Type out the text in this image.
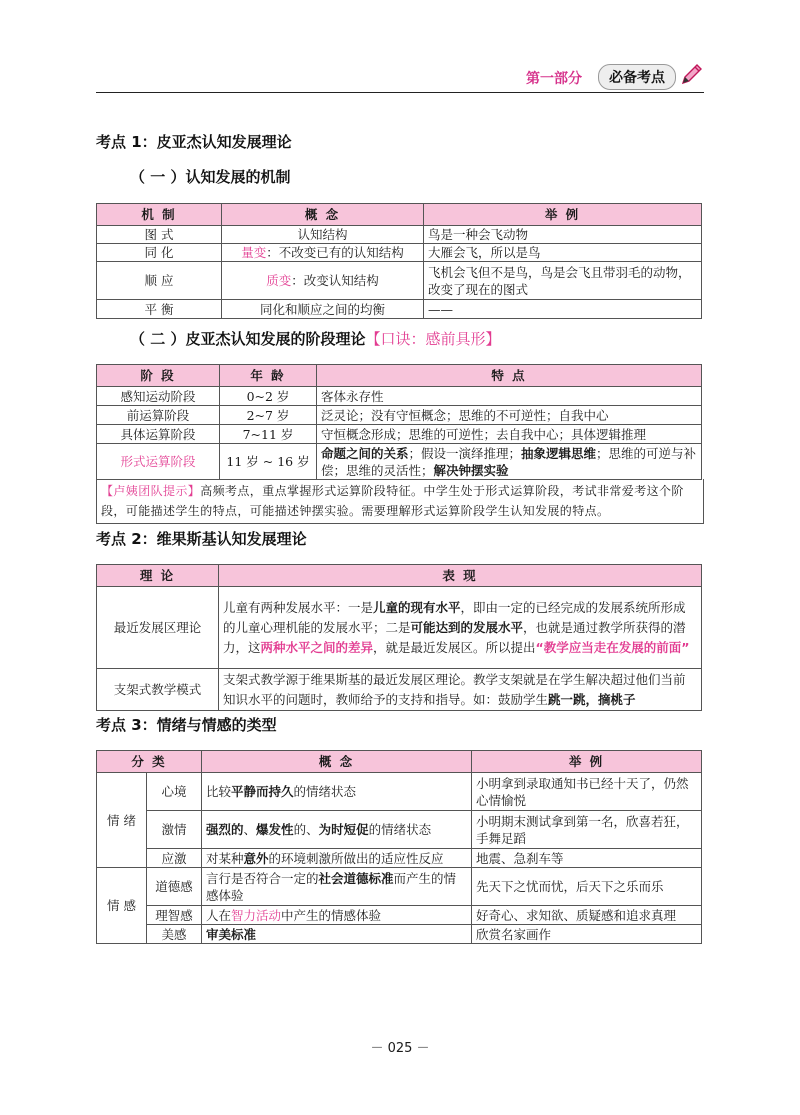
第一部分	必备考点
考点 1：皮亚杰认知发展理论
（ 一 ）认知发展的机制
机 制	概 念	举 例
图 式	认知结构	鸟是一种会飞动物
同 化	量变：不改变已有的认知结构	大雁会飞，所以是鸟
顺 应	质变：改变认知结构	飞机会飞但不是鸟，鸟是会飞且带羽毛的动物，改变了现在的图式
平 衡	同化和顺应之间的均衡	——
（ 二 ）皮亚杰认知发展的阶段理论【口诀：感前具形】
阶 段	年 龄	特 点
感知运动阶段	0~2 岁	客体永存性
前运算阶段	2~7 岁	泛灵论；没有守恒概念；思维的不可逆性；自我中心
具体运算阶段	7~11 岁	守恒概念形成；思维的可逆性；去自我中心；具体逻辑推理
形式运算阶段	11 岁 ~ 16 岁	命题之间的关系；假设一演绎推理；抽象逻辑思维；思维的可逆与补偿；思维的灵活性；解决钟摆实验
【卢姨团队提示】高频考点，重点掌握形式运算阶段特征。中学生处于形式运算阶段，考试非常爱考这个阶段，可能描述学生的特点，可能描述钟摆实验。需要理解形式运算阶段学生认知发展的特点。
考点 2：维果斯基认知发展理论
理 论	表 现
最近发展区理论	儿童有两种发展水平：一是儿童的现有水平，即由一定的已经完成的发展系统所形成的儿童心理机能的发展水平；二是可能达到的发展水平，也就是通过教学所获得的潜力，这两种水平之间的差异，就是最近发展区。所以提出“教学应当走在发展的前面”
支架式教学模式	支架式教学源于维果斯基的最近发展区理论。教学支架就是在学生解决超过他们当前知识水平的问题时，教师给予的支持和指导。如：鼓励学生跳一跳，摘桃子
考点 3：情绪与情感的类型
分 类		概 念	举 例
情 绪	心境	比较平静而持久的情绪状态	小明拿到录取通知书已经十天了，仍然心情愉悦
	激情	强烈的、爆发性的、为时短促的情绪状态	小明期末测试拿到第一名，欣喜若狂，手舞足蹈
	应激	对某种意外的环境刺激所做出的适应性反应	地震、急刹车等
情 感	道德感	言行是否符合一定的社会道德标准而产生的情感体验	先天下之忧而忧，后天下之乐而乐
	理智感	人在智力活动中产生的情感体验	好奇心、求知欲、质疑感和追求真理
	美感	审美标准	欣赏名家画作
－ 025 －
